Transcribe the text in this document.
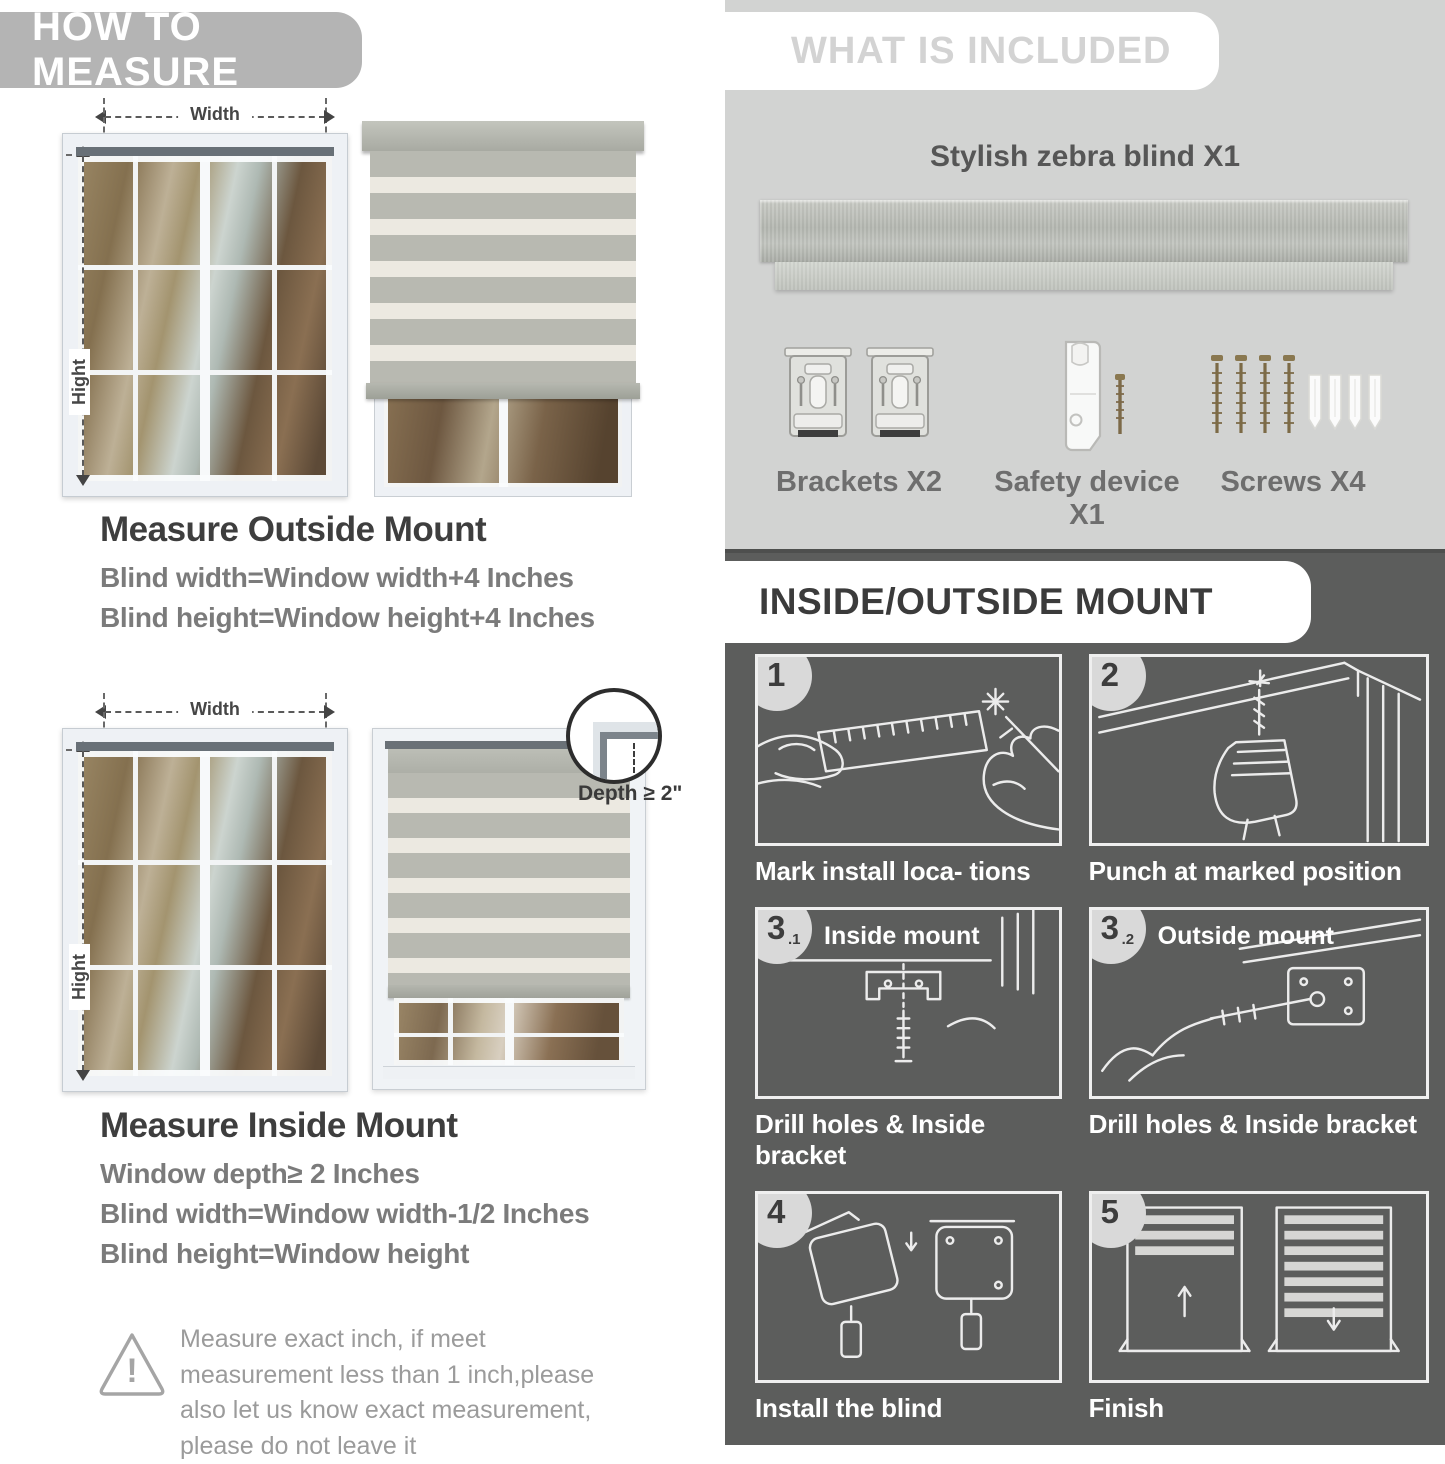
HOW TO MEASURE
Width
Hight
Measure Outside Mount

Blind width=Window width+4 Inches

Blind height=Window height+4 Inches

Width
Hight
Depth ≥ 2"
Measure Inside Mount

Window depth≥ 2 Inches

Blind width=Window width-1/2 Inches

Blind height=Window height

!

Measure exact inch, if meet measurement less than 1 inch,please also let us know exact measurement, please do not leave it

WHAT IS INCLUDED
Stylish zebra blind X1
Brackets X2	Safety device X1
Screws X4
INSIDE/OUTSIDE MOUNT
1
Mark install loca- tions
2
Punch at marked position
3 .1 Inside mount
Drill holes & Inside bracket
3 .2 Outside mount
Drill holes & Inside bracket
4
Install the blind
5
Finish
